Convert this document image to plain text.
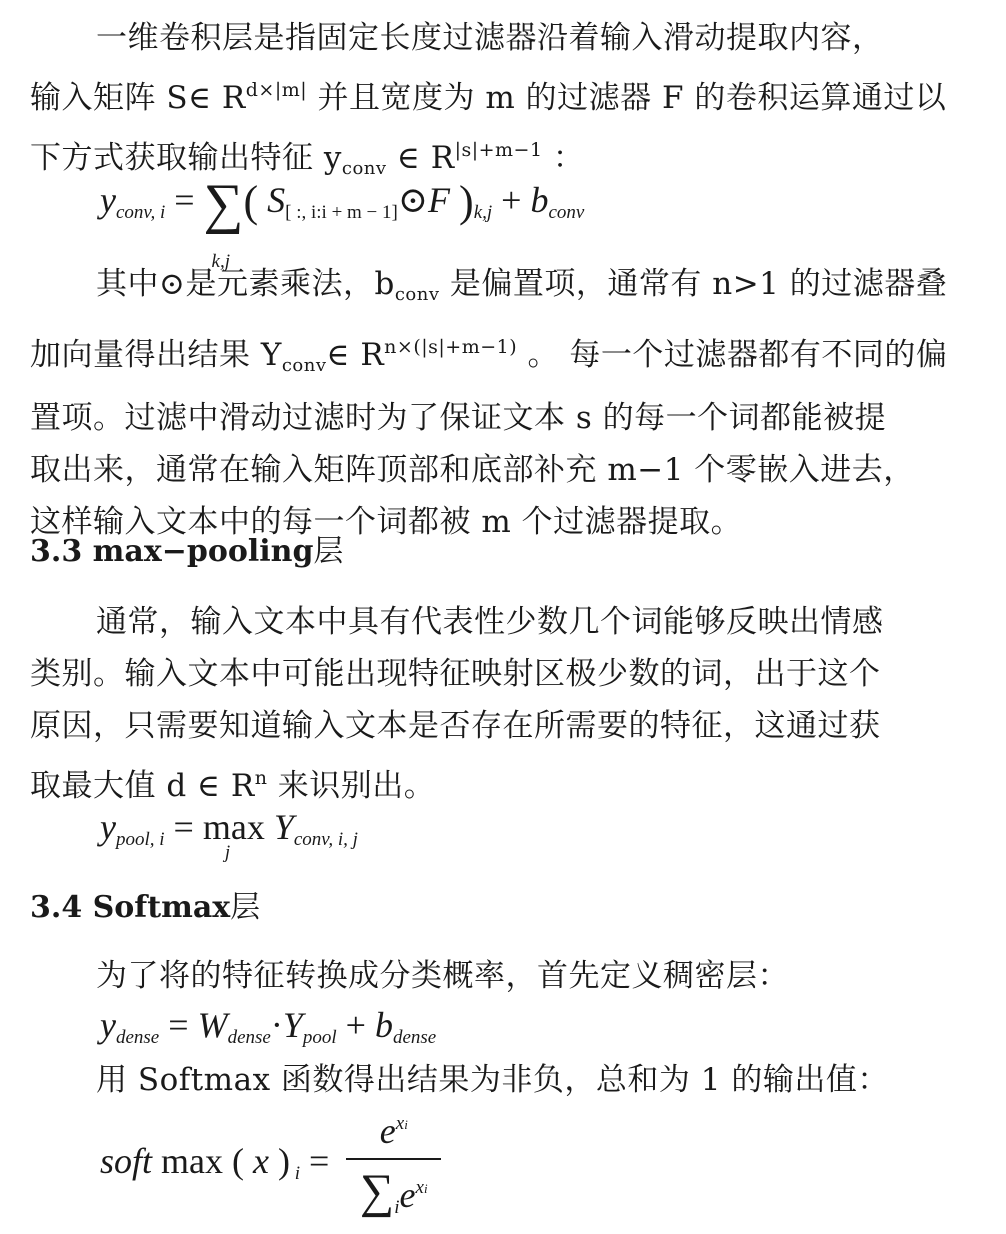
一维卷积层是指固定长度过滤器沿着输入滑动提取内容，
输入矩阵 S∈ $R^{d\times|m|}$ 并且宽度为 m 的过滤器 F 的卷积运算通过以
下方式获取输出特征 yconv ∈ $R^{|s|+m-1}$ ：

$y_{conv, i}$ = ∑
k,j
( $S_{[ :, i:i + m - 1]}⊙F$ )$_{k,j} + b_{conv}$

其中⊙是元素乘法，bconv 是偏置项，通常有 n>1 的过滤器叠
加向量得出结果 Yconv∈ $R^{n\times(|s|+m-1)}$ 。 每一个过滤器都有不同的偏
置项。过滤中滑动过滤时为了保证文本 s 的每一个词都能被提
取出来，通常在输入矩阵顶部和底部补充 m−1 个零嵌入进去，
这样输入文本中的每一个词都被 m 个过滤器提取。

3.3 max−pooling层

通常，输入文本中具有代表性少数几个词能够反映出情感
类别。输入文本中可能出现特征映射区极少数的词，出于这个
原因，只需要知道输入文本是否存在所需要的特征，这通过获
取最大值 d ∈ $R^n$ 来识别出。

$y_{pool, i} = \max$
j
$Y_{conv, i, j}$
3.4 Softmax层

为了将的特征转换成分类概率，首先定义稠密层：

$y_{dense} = W_{dense}\cdot Y_{pool} + b_{dense}$

用 Softmax 函数得出结果为非负，总和为 1 的输出值：

soft max ( x ) $_i = \frac{e^{xi}}{\sum_ie^{xi}}$
